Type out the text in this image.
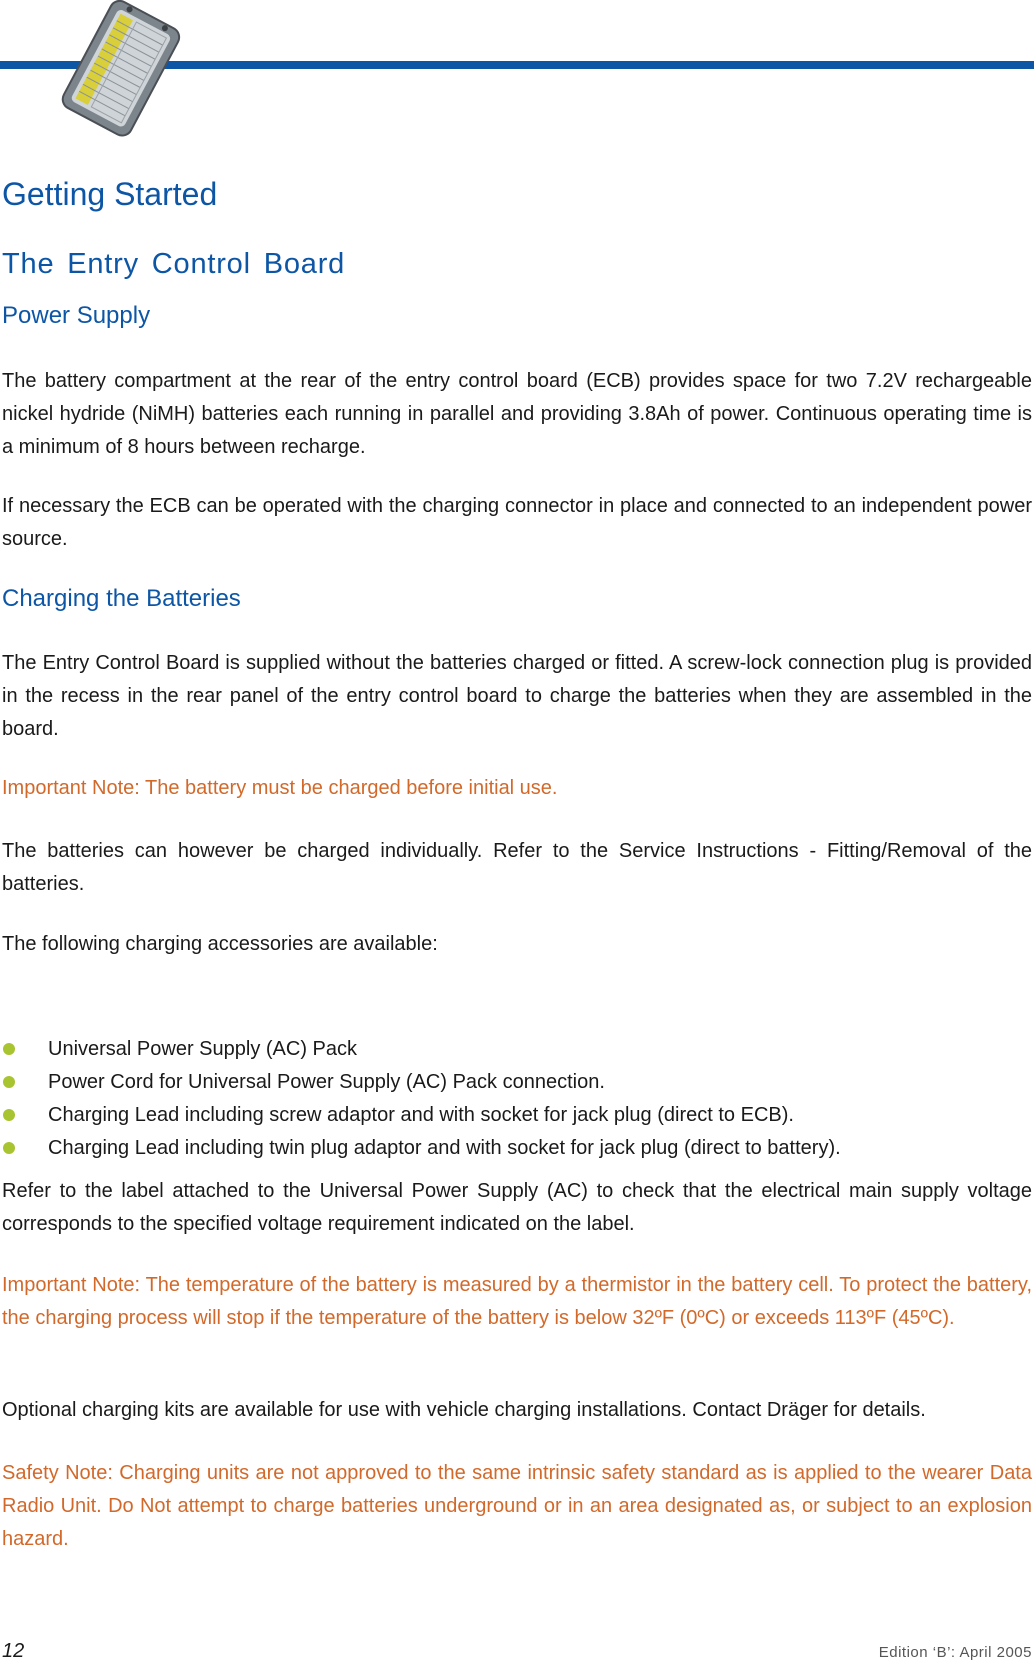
Getting Started
The Entry Control Board
Power Supply

The battery compartment at the rear of the entry control board (ECB) provides space for two 7.2V rechargeable nickel hydride (NiMH) batteries each running in parallel and providing 3.8Ah of power. Continuous operating time is a minimum of 8 hours between recharge.

If necessary the ECB can be operated with the charging connector in place and connected to an independent power source.

Charging the Batteries

The Entry Control Board is supplied without the batteries charged or fitted. A screw-lock connection plug is provided in the recess in the rear panel of the entry control board to charge the batteries when they are assembled in the board.

Important Note: The battery must be charged before initial use.

The batteries can however be charged individually. Refer to the Service Instructions - Fitting/Removal of the batteries.

The following charging accessories are available:

Universal Power Supply (AC) Pack
Power Cord for Universal Power Supply (AC) Pack connection.
Charging Lead including screw adaptor and with socket for jack plug (direct to ECB).
Charging Lead including twin plug adaptor and with socket for jack plug (direct to battery).

Refer to the label attached to the Universal Power Supply (AC) to check that the electrical main supply voltage corresponds to the specified voltage requirement indicated on the label.

Important Note: The temperature of the battery is measured by a thermistor in the battery cell. To protect the battery, the charging process will stop if the temperature of the battery is below 32ºF (0ºC) or exceeds 113ºF (45ºC).

Optional charging kits are available for use with vehicle charging installations. Contact Dräger for details.

Safety Note: Charging units are not approved to the same intrinsic safety standard as is applied to the wearer Data Radio Unit. Do Not attempt to charge batteries underground or in an area designated as, or subject to an explosion hazard.

12	Edition ‘B’: April 2005
